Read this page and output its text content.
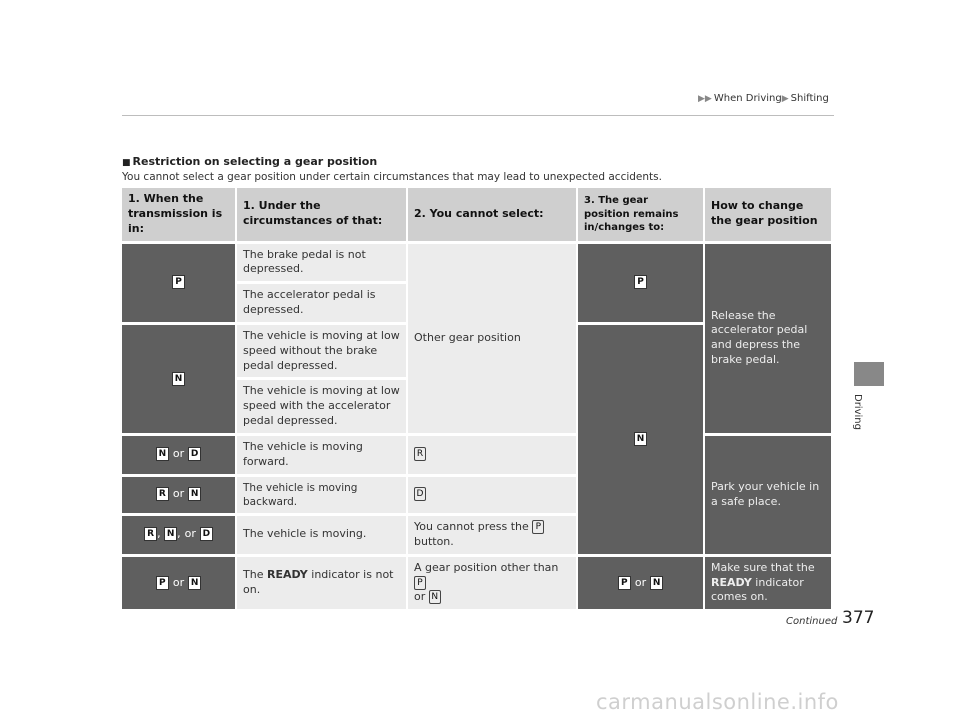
▶▶ When Driving▶ Shifting
Driving
■ Restriction on selecting a gear position
You cannot select a gear position under certain circumstances that may lead to unexpected accidents.
1. When the transmission is in:	1. Under the circumstances of that:	2. You cannot select:	3. The gear position remains in/changes to:	How to change the gear position
P	The brake pedal is not depressed.	Other gear position	P	Release the accelerator pedal and depress the brake pedal.
	The accelerator pedal is depressed.			
N	The vehicle is moving at low speed without the brake pedal depressed.		N	
	The vehicle is moving at low speed with the accelerator pedal depressed.			
N or D	The vehicle is moving forward.	R		Park your vehicle in a safe place.
R or N	The vehicle is moving backward.	D		
R , N , or D	The vehicle is moving.	You cannot press the P
button.		
P or N	The READY indicator is not on.	A gear position other than P
or N	P or N	Make sure that the
READY indicator comes on.
Continued 377
carmanualsonline.info
